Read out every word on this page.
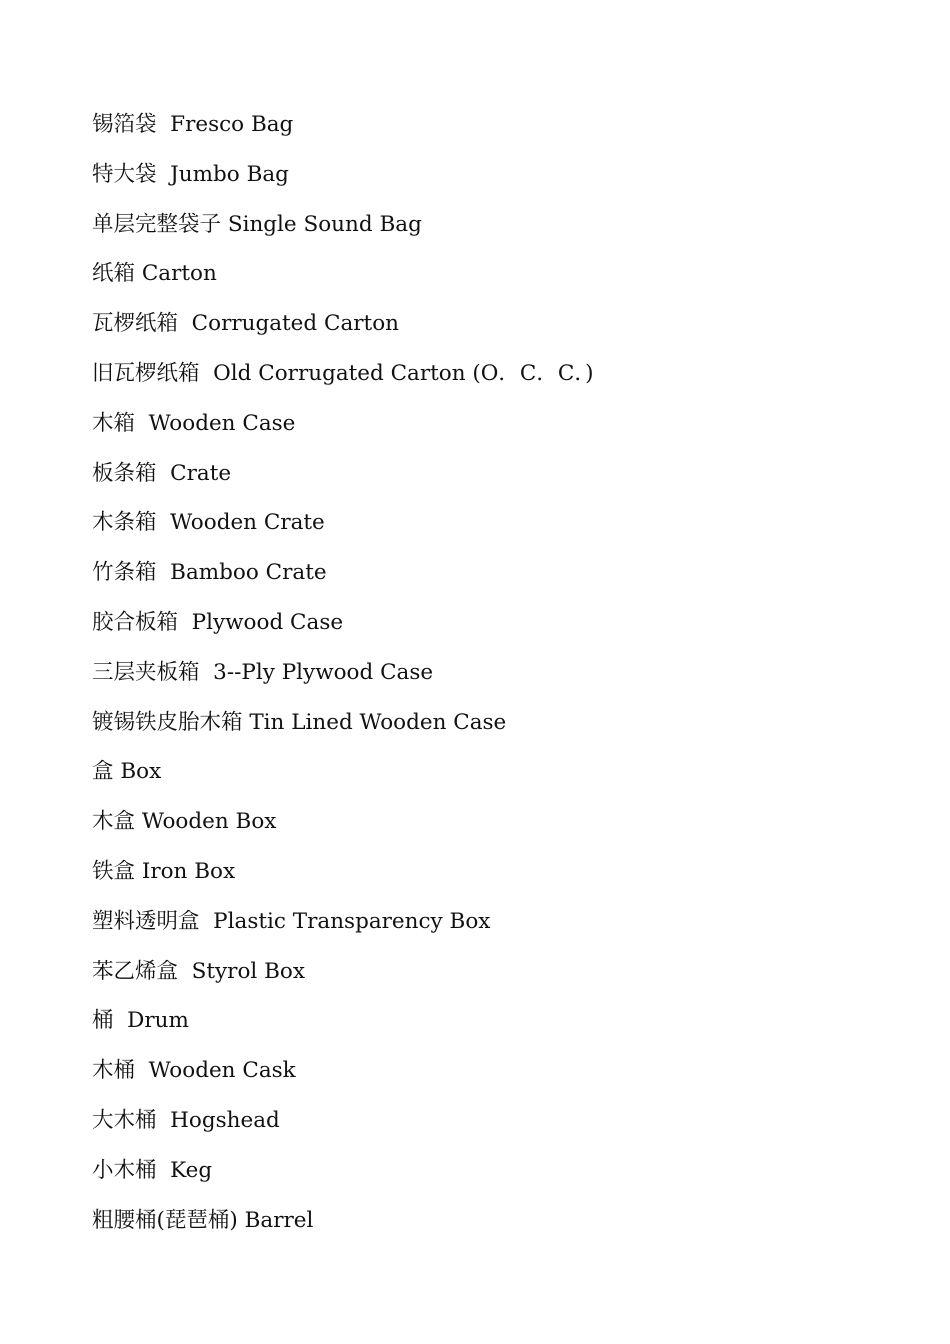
锡箔袋  Fresco Bag
特大袋  Jumbo Bag
单层完整袋子 Single Sound Bag
纸箱 Carton
瓦椤纸箱  Corrugated Carton
旧瓦椤纸箱  Old Corrugated Carton (O．C．C．)
木箱  Wooden Case
板条箱  Crate
木条箱  Wooden Crate
竹条箱  Bamboo Crate
胶合板箱  Plywood Case
三层夹板箱  3--Ply Plywood Case
镀锡铁皮胎木箱 Tin Lined Wooden Case
盒 Box
木盒 Wooden Box
铁盒 Iron Box
塑料透明盒  Plastic Transparency Box
苯乙烯盒  Styrol Box
桶  Drum
木桶  Wooden Cask
大木桶  Hogshead
小木桶  Keg
粗腰桶(琵琶桶) Barrel
